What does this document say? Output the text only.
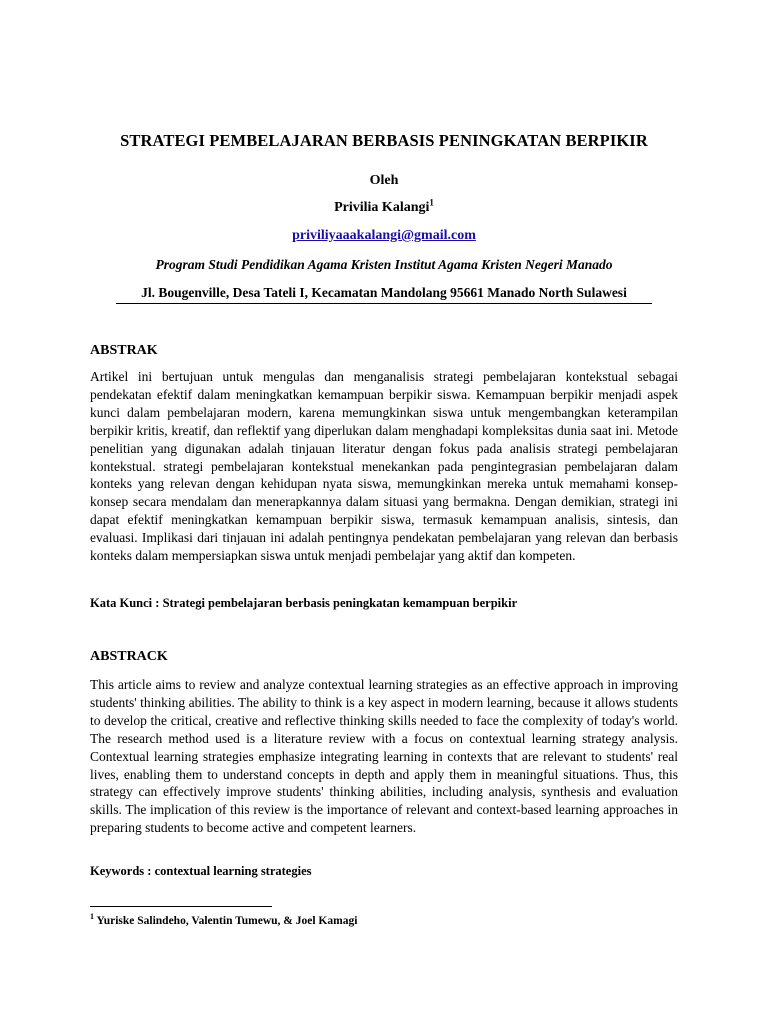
STRATEGI PEMBELAJARAN BERBASIS PENINGKATAN BERPIKIR
Oleh
Privilia Kalangi$^1$
priviliyaaakalangi@gmail.com
Program Studi Pendidikan Agama Kristen Institut Agama Kristen Negeri Manado
Jl. Bougenville, Desa Tateli I, Kecamatan Mandolang 95661 Manado North Sulawesi
ABSTRAK
Artikel ini bertujuan untuk mengulas dan menganalisis strategi pembelajaran kontekstual sebagai pendekatan efektif dalam meningkatkan kemampuan berpikir siswa. Kemampuan berpikir menjadi aspek kunci dalam pembelajaran modern, karena memungkinkan siswa untuk mengembangkan keterampilan berpikir kritis, kreatif, dan reflektif yang diperlukan dalam menghadapi kompleksitas dunia saat ini. Metode penelitian yang digunakan adalah tinjauan literatur dengan fokus pada analisis strategi pembelajaran kontekstual. strategi pembelajaran kontekstual menekankan pada pengintegrasian pembelajaran dalam konteks yang relevan dengan kehidupan nyata siswa, memungkinkan mereka untuk memahami konsep-konsep secara mendalam dan menerapkannya dalam situasi yang bermakna. Dengan demikian, strategi ini dapat efektif meningkatkan kemampuan berpikir siswa, termasuk kemampuan analisis, sintesis, dan evaluasi. Implikasi dari tinjauan ini adalah pentingnya pendekatan pembelajaran yang relevan dan berbasis konteks dalam mempersiapkan siswa untuk menjadi pembelajar yang aktif dan kompeten.
Kata Kunci : Strategi pembelajaran berbasis peningkatan kemampuan berpikir
ABSTRACK
This article aims to review and analyze contextual learning strategies as an effective approach in improving students' thinking abilities. The ability to think is a key aspect in modern learning, because it allows students to develop the critical, creative and reflective thinking skills needed to face the complexity of today's world. The research method used is a literature review with a focus on contextual learning strategy analysis. Contextual learning strategies emphasize integrating learning in contexts that are relevant to students' real lives, enabling them to understand concepts in depth and apply them in meaningful situations. Thus, this strategy can effectively improve students' thinking abilities, including analysis, synthesis and evaluation skills. The implication of this review is the importance of relevant and context-based learning approaches in preparing students to become active and competent learners.
Keywords : contextual learning strategies
$^1$ Yuriske Salindeho, Valentin Tumewu, & Joel Kamagi
